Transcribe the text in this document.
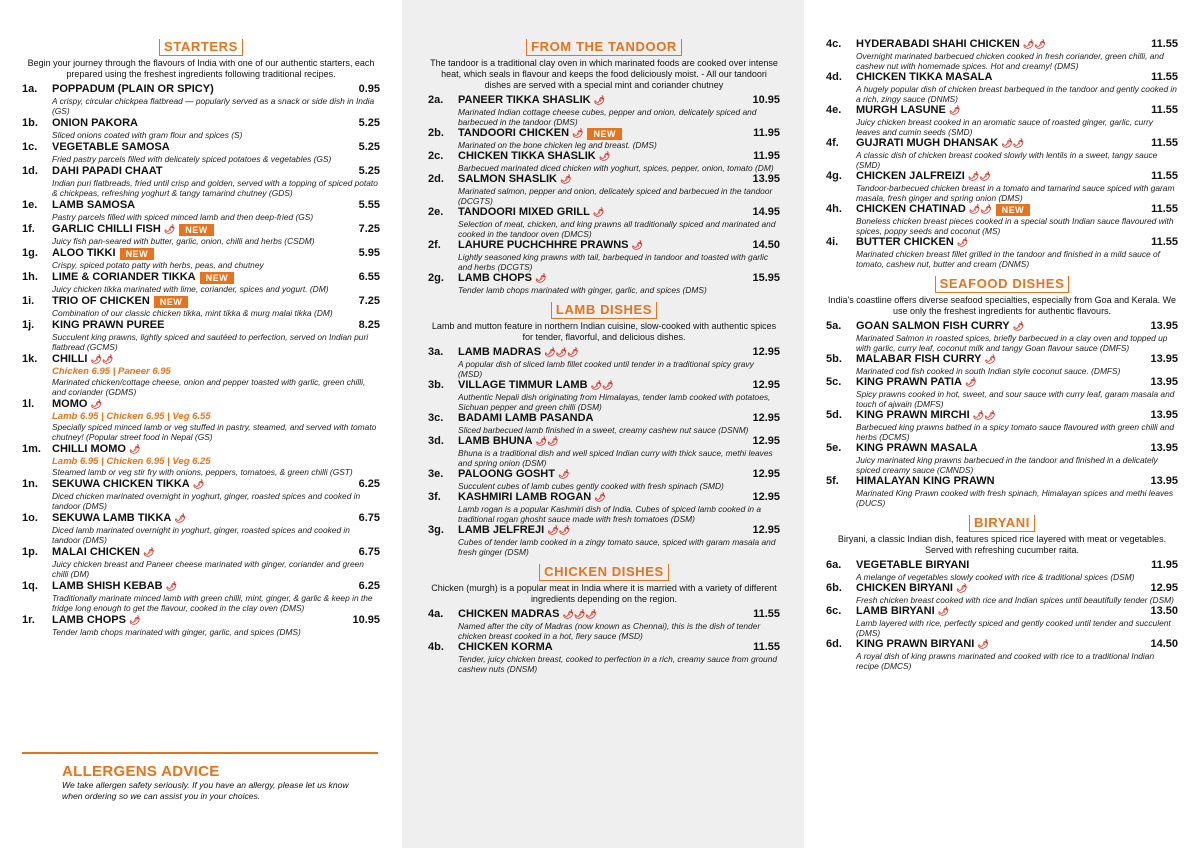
STARTERS
Begin your journey through the flavours of India with one of our authentic starters, each prepared using the freshest ingredients following traditional recipes.
1a.	POPPADUM (PLAIN OR SPICY)	0.95
A crispy, circular chickpea flatbread — popularly served as a snack or side dish in India (GS)
1b.	ONION PAKORA	5.25
Sliced onions coated with gram flour and spices (S)
1c.	VEGETABLE SAMOSA	5.25
Fried pastry parcels filled with delicately spiced potatoes & vegetables (GS)
1d.	DAHI PAPADI CHAAT	5.25
Indian puri flatbreads, fried until crisp and golden, served with a topping of spiced potato & chickpeas, refreshing yoghurt & tangy tamarind chutney (GDS)
1e.	LAMB SAMOSA	5.55
Pastry parcels filled with spiced minced lamb and then deep-fried (GS)
1f.	GARLIC CHILLI FISH 🌶	NEW	7.25
Juicy fish pan-seared with butter, garlic, onion, chilli and herbs (CSDM)
1g.	ALOO TIKKI	NEW	5.95
Crispy, spiced potato patty with herbs, peas, and chutney
1h.	LIME & CORIANDER TIKKA	NEW	6.55
Juicy chicken tikka marinated with lime, coriander, spices and yogurt. (DM)
1i.	TRIO OF CHICKEN	NEW	7.25
Combination of our classic chicken tikka, mint tikka & murg malai tikka (DM)
1j.	KING PRAWN PUREE	8.25
Succulent king prawns, lightly spiced and sautéed to perfection, served on Indian puri flatbread (GCMS)
1k.	CHILLI 🌶🌶
Chicken 6.95 | Paneer 6.95
Marinated chicken/cottage cheese, onion and pepper toasted with garlic, green chilli, and coriander (GDMS)
1l.	MOMO 🌶
Lamb 6.95 | Chicken 6.95 | Veg 6.55
Specially spiced minced lamb or veg stuffed in pastry, steamed, and served with tomato chutney! (Popular street food in Nepal (GS)
1m.	CHILLI MOMO 🌶
Lamb 6.95 | Chicken 6.95 | Veg 6.25
Steamed lamb or veg stir fry with onions, peppers, tomatoes, & green chilli (GST)
1n.	SEKUWA CHICKEN TIKKA 🌶	6.25
Diced chicken marinated overnight in yoghurt, ginger, roasted spices and cooked in tandoor (DMS)
1o.	SEKUWA LAMB TIKKA 🌶	6.75
Diced lamb marinated overnight in yoghurt, ginger, roasted spices and cooked in tandoor (DMS)
1p.	MALAI CHICKEN 🌶	6.75
Juicy chicken breast and Paneer cheese marinated with ginger, coriander and green chilli (DM)
1q.	LAMB SHISH KEBAB 🌶	6.25
Traditionally marinate minced lamb with green chilli, mint, ginger, & garlic & keep in the fridge long enough to get the flavour, cooked in the clay oven (DMS)
1r.	LAMB CHOPS 🌶	10.95
Tender lamb chops marinated with ginger, garlic, and spices (DMS)
ALLERGENS ADVICE

We take allergen safety seriously. If you have an allergy, please let us know when ordering so we can assist you in your choices.

FROM THE TANDOOR
The tandoor is a traditional clay oven in which marinated foods are cooked over intense heat, which seals in flavour and keeps the food deliciously moist. - All our tandoori dishes are served with a special mint and coriander chutney
2a.	PANEER TIKKA SHASLIK 🌶	10.95
Marinated Indian cottage cheese cubes, pepper and onion, delicately spiced and barbecued in the tandoor (DMS)
2b.	TANDOORI CHICKEN 🌶	NEW	11.95
Marinated on the bone chicken leg and breast. (DMS)
2c.	CHICKEN TIKKA SHASLIK 🌶	11.95
Barbecued marinated diced chicken with yoghurt, spices, pepper, onion, tomato (DM)
2d.	SALMON SHASLIK 🌶	13.95
Marinated salmon, pepper and onion, delicately spiced and barbecued in the tandoor (DCGTS)
2e.	TANDOORI MIXED GRILL 🌶	14.95
Selection of meat, chicken, and king prawns all traditionally spiced and marinated and cooked in the tandoor oven (DMCS)
2f.	LAHURE PUCHCHHRE PRAWNS 🌶	14.50
Lightly seasoned king prawns with tail, barbequed in tandoor and toasted with garlic and herbs (DCGTS)
2g.	LAMB CHOPS 🌶	15.95
Tender lamb chops marinated with ginger, garlic, and spices (DMS)
LAMB DISHES
Lamb and mutton feature in northern Indian cuisine, slow-cooked with authentic spices for tender, flavorful, and delicious dishes.
3a.	LAMB MADRAS 🌶🌶🌶	12.95
A popular dish of sliced lamb fillet cooked until tender in a traditional spicy gravy (MSD)
3b.	VILLAGE TIMMUR LAMB 🌶🌶	12.95
Authentic Nepali dish originating from Himalayas, tender lamb cooked with potatoes, Sichuan pepper and green chilli (DSM)
3c.	BADAMI LAMB PASANDA	12.95
Sliced barbecued lamb finished in a sweet, creamy cashew nut sauce (DSNM)
3d.	LAMB BHUNA 🌶🌶	12.95
Bhuna is a traditional dish and well spiced Indian curry with thick sauce, methi leaves and spring onion (DSM)
3e.	PALOONG GOSHT 🌶	12.95
Succulent cubes of lamb cubes gently cooked with fresh spinach (SMD)
3f.	KASHMIRI LAMB ROGAN 🌶	12.95
Lamb rogan is a popular Kashmiri dish of India. Cubes of spiced lamb cooked in a traditional rogan ghosht sauce made with fresh tomatoes (DSM)
3g.	LAMB JELFREJI 🌶🌶	12.95
Cubes of tender lamb cooked in a zingy tomato sauce, spiced with garam masala and fresh ginger (DSM)
CHICKEN DISHES
Chicken (murgh) is a popular meat in India where it is married with a variety of different ingredients depending on the region.
4a.	CHICKEN MADRAS 🌶🌶🌶	11.55
Named after the city of Madras (now known as Chennai), this is the dish of tender chicken breast cooked in a hot, fiery sauce (MSD)
4b.	CHICKEN KORMA	11.55
Tender, juicy chicken breast, cooked to perfection in a rich, creamy sauce from ground cashew nuts (DNSM)
4c.	HYDERABADI SHAHI CHICKEN 🌶🌶	11.55
Overnight marinated barbecued chicken cooked in fresh coriander, green chilli, and cashew nut with homemade spices. Hot and creamy! (DMS)
4d.	CHICKEN TIKKA MASALA	11.55
A hugely popular dish of chicken breast barbequed in the tandoor and gently cooked in a rich, zingy sauce (DNMS)
4e.	MURGH LASUNE 🌶	11.55
Juicy chicken breast cooked in an aromatic sauce of roasted ginger, garlic, curry leaves and cumin seeds (SMD)
4f.	GUJRATI MUGH DHANSAK 🌶🌶	11.55
A classic dish of chicken breast cooked slowly with lentils in a sweet, tangy sauce (SMD)
4g.	CHICKEN JALFREIZI 🌶🌶	11.55
Tandoor-barbecued chicken breast in a tomato and tamarind sauce spiced with garam masala, fresh ginger and spring onion (DMS)
4h.	CHICKEN CHATINAD 🌶🌶	NEW	11.55
Boneless chicken breast pieces cooked in a special south Indian sauce flavoured with spices, poppy seeds and coconut (MS)
4i.	BUTTER CHICKEN 🌶	11.55
Marinated chicken breast fillet grilled in the tandoor and finished in a mild sauce of tomato, cashew nut, butter and cream (DNMS)
SEAFOOD DISHES
India's coastline offers diverse seafood specialties, especially from Goa and Kerala. We use only the freshest ingredients for authentic flavours.
5a.	GOAN SALMON FISH CURRY 🌶	13.95
Marinated Salmon in roasted spices, briefly barbecued in a clay oven and topped up with garlic, curry leaf, coconut milk and tangy Goan flavour sauce (DMFS)
5b.	MALABAR FISH CURRY 🌶	13.95
Marinated cod fish cooked in south Indian style coconut sauce. (DMFS)
5c.	KING PRAWN PATIA 🌶	13.95
Spicy prawns cooked in hot, sweet, and sour sauce with curry leaf, garam masala and touch of ajwain (DMFS)
5d.	KING PRAWN MIRCHI 🌶🌶	13.95
Barbecued king prawns bathed in a spicy tomato sauce flavoured with green chilli and herbs (DCMS)
5e.	KING PRAWN MASALA	13.95
Juicy marinated king prawns barbecued in the tandoor and finished in a delicately spiced creamy sauce (CMNDS)
5f.	HIMALAYAN KING PRAWN	13.95
Marinated King Prawn cooked with fresh spinach, Himalayan spices and methi leaves (DUCS)
BIRYANI
Biryani, a classic Indian dish, features spiced rice layered with meat or vegetables. Served with refreshing cucumber raita.
6a.	VEGETABLE BIRYANI	11.95
A melange of vegetables slowly cooked with rice & traditional spices (DSM)
6b.	CHICKEN BIRYANI 🌶	12.95
Fresh chicken breast cooked with rice and Indian spices until beautifully tender (DSM)
6c.	LAMB BIRYANI 🌶	13.50
Lamb layered with rice, perfectly spiced and gently cooked until tender and succulent (DMS)
6d.	KING PRAWN BIRYANI 🌶	14.50
A royal dish of king prawns marinated and cooked with rice to a traditional Indian recipe (DMCS)
